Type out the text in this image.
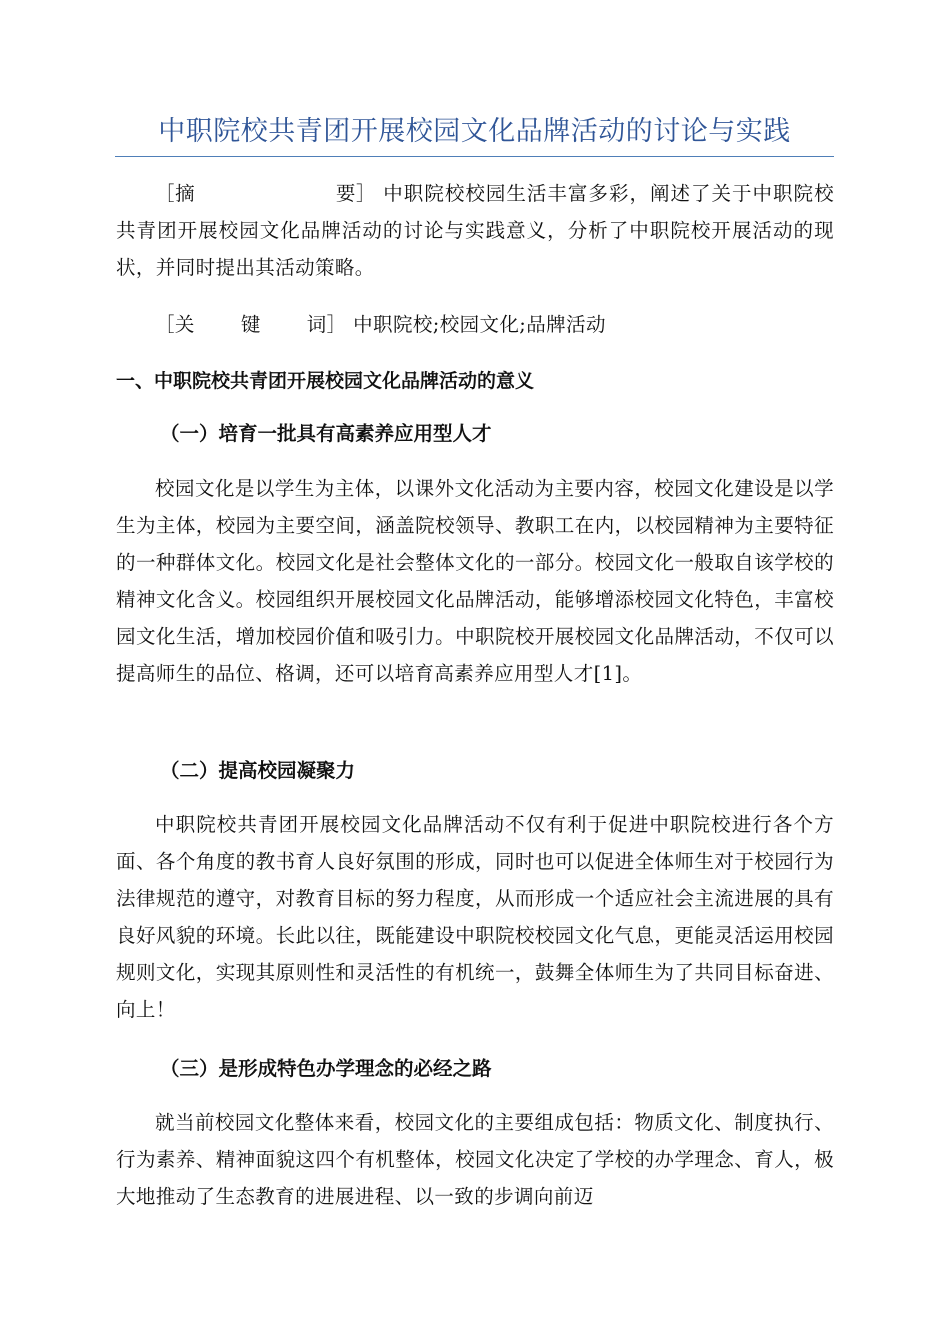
中职院校共青团开展校园文化品牌活动的讨论与实践

［摘	要］ 中职院校校园生活丰富多彩，阐述了关于中职院校共青团开展校园文化品牌活动的讨论与实践意义，分析了中职院校开展活动的现状，并同时提出其活动策略。

［关 键 词］ 中职院校;校园文化;品牌活动

一、中职院校共青团开展校园文化品牌活动的意义
（一）培育一批具有高素养应用型人才

校园文化是以学生为主体，以课外文化活动为主要内容，校园文化建设是以学生为主体，校园为主要空间，涵盖院校领导、教职工在内，以校园精神为主要特征的一种群体文化。校园文化是社会整体文化的一部分。校园文化一般取自该学校的精神文化含义。校园组织开展校园文化品牌活动，能够增添校园文化特色，丰富校园文化生活，增加校园价值和吸引力。中职院校开展校园文化品牌活动，不仅可以提高师生的品位、格调，还可以培育高素养应用型人才[1]。

（二）提高校园凝聚力

中职院校共青团开展校园文化品牌活动不仅有利于促进中职院校进行各个方面、各个角度的教书育人良好氛围的形成，同时也可以促进全体师生对于校园行为法律规范的遵守，对教育目标的努力程度，从而形成一个适应社会主流进展的具有良好风貌的环境。长此以往，既能建设中职院校校园文化气息，更能灵活运用校园规则文化，实现其原则性和灵活性的有机统一，鼓舞全体师生为了共同目标奋进、向上！

（三）是形成特色办学理念的必经之路

就当前校园文化整体来看，校园文化的主要组成包括：物质文化、制度执行、行为素养、精神面貌这四个有机整体，校园文化决定了学校的办学理念、育人，极大地推动了生态教育的进展进程、以一致的步调向前迈
